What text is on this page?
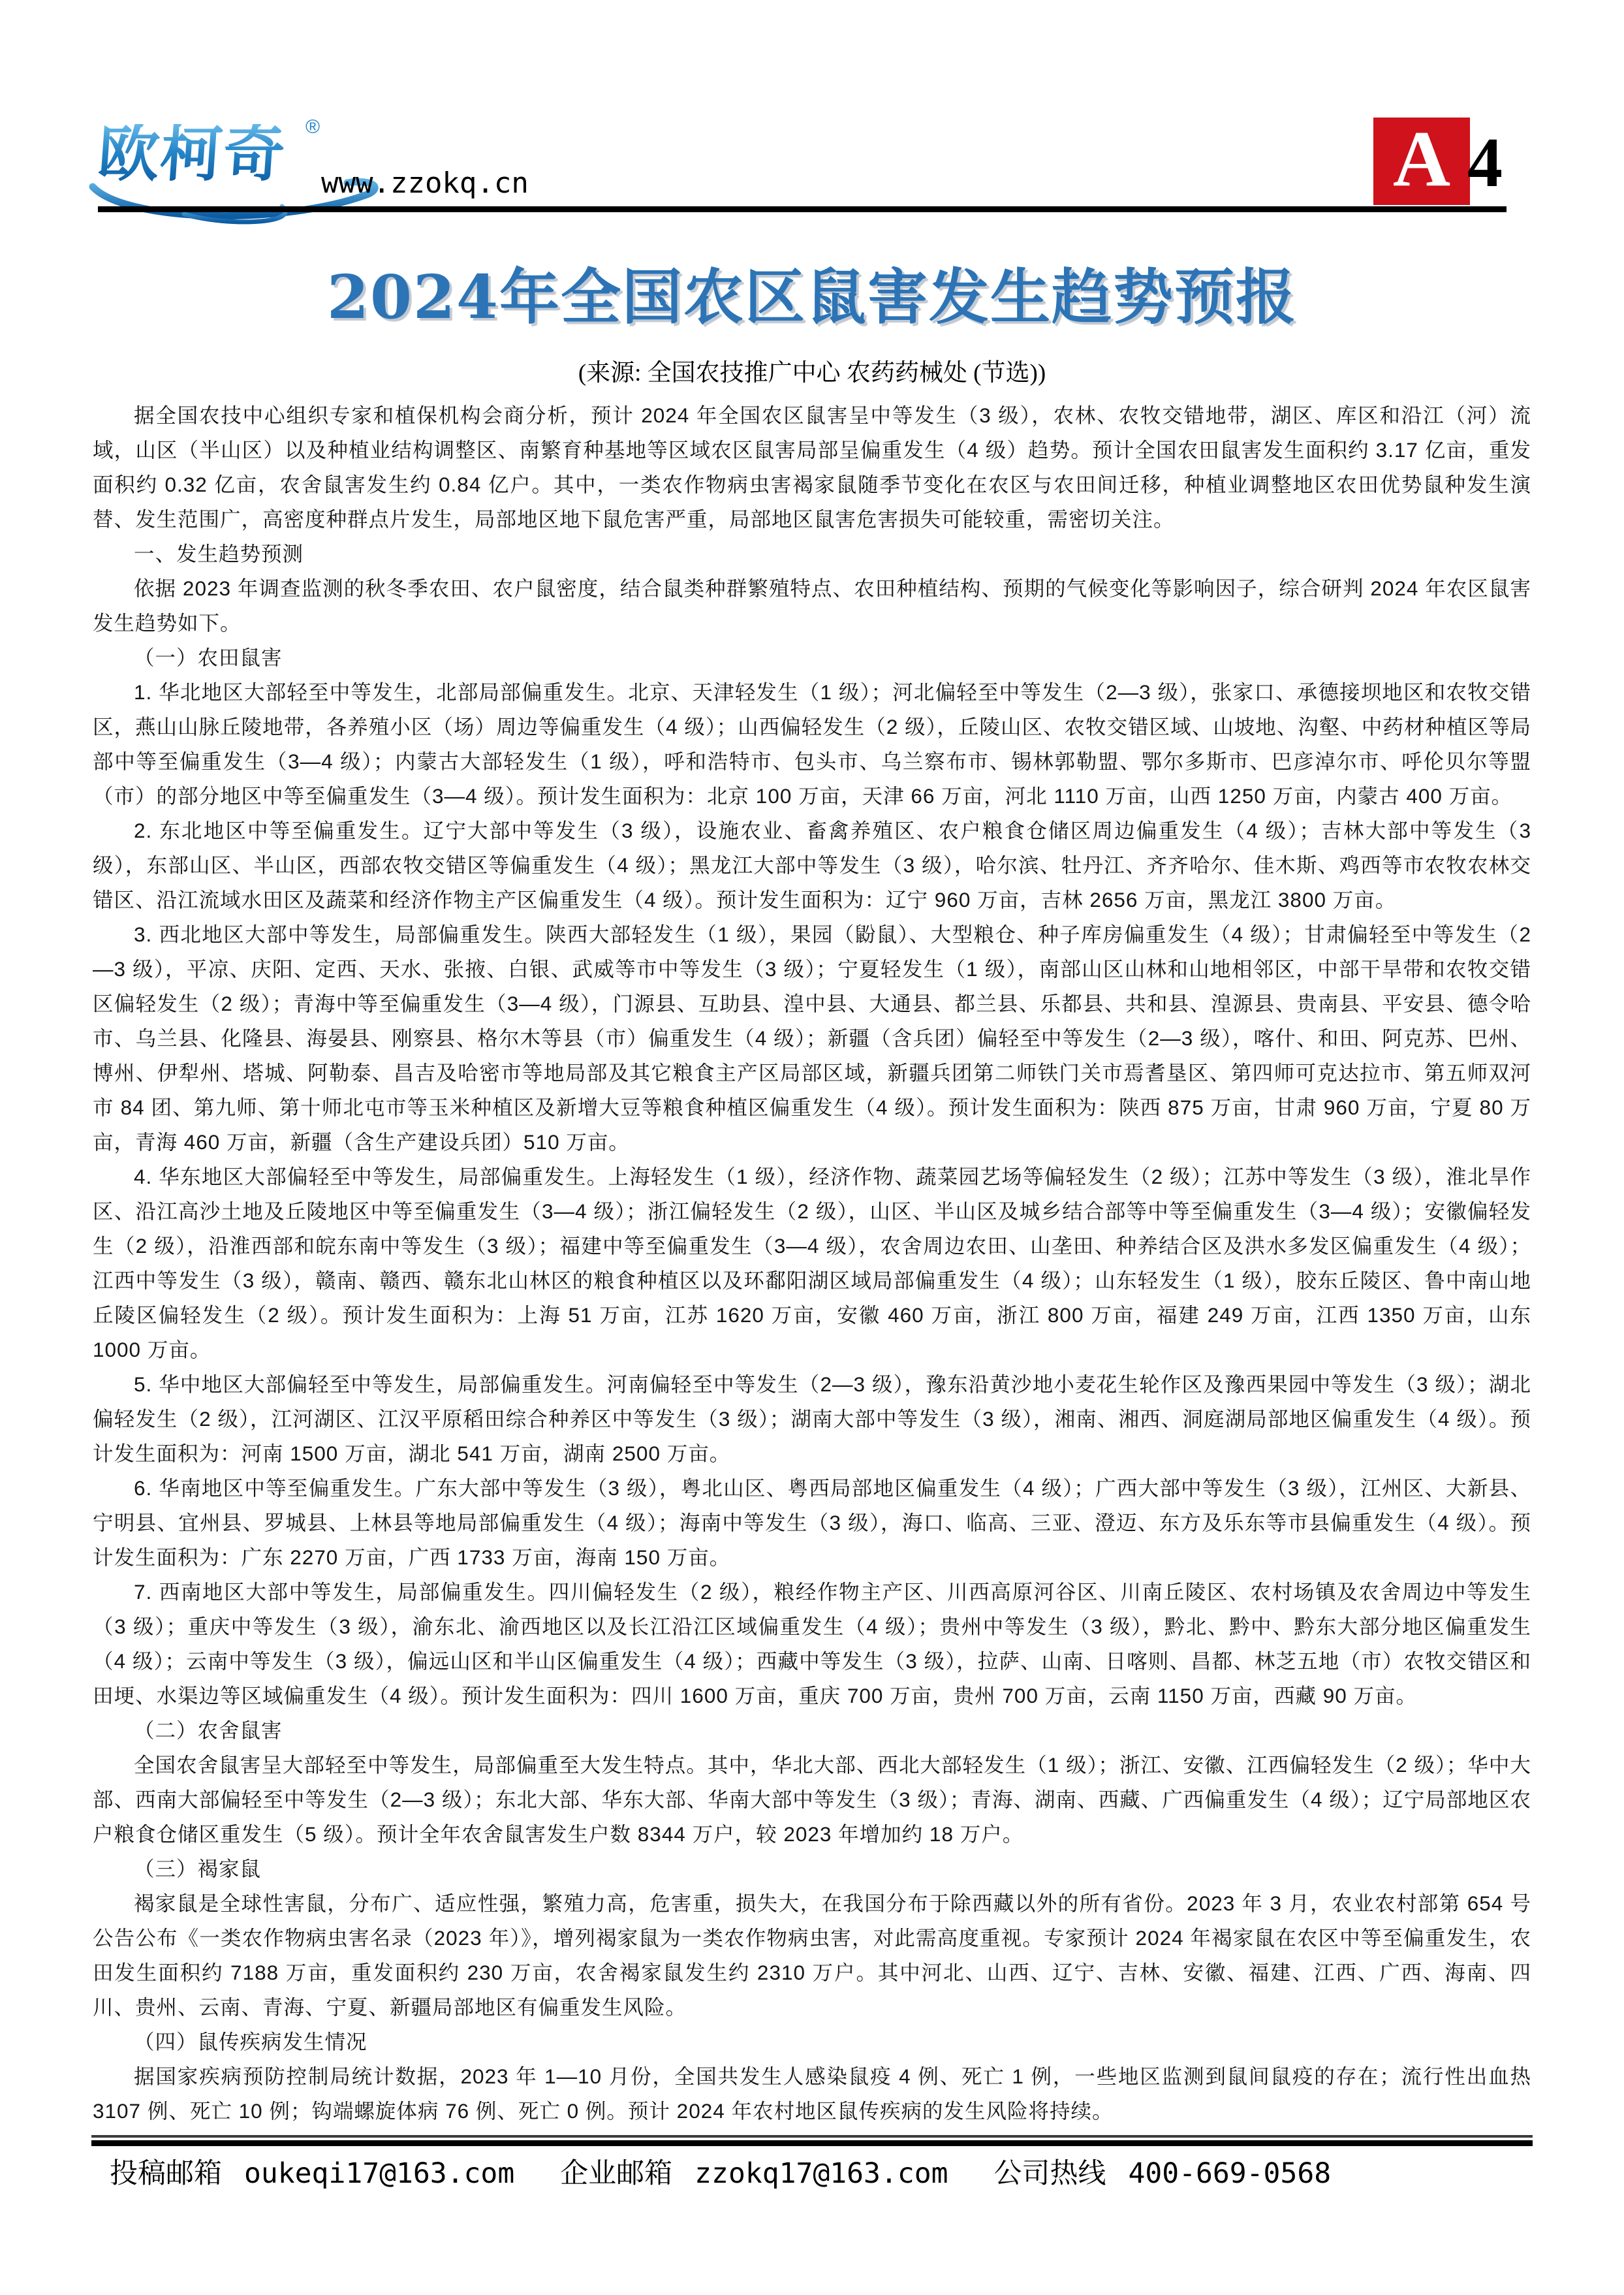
欧柯奇 ®
www.zzokq.cn	A 4
2024年全国农区鼠害发生趋势预报
(来源: 全国农技推广中心 农药药械处 (节选))

据全国农技中心组织专家和植保机构会商分析，预计 2024 年全国农区鼠害呈中等发生（3 级），农林、农牧交错地带，湖区、库区和沿江（河）流域，山区（半山区）以及种植业结构调整区、南繁育种基地等区域农区鼠害局部呈偏重发生（4 级）趋势。预计全国农田鼠害发生面积约 3.17 亿亩，重发面积约 0.32 亿亩，农舍鼠害发生约 0.84 亿户。其中，一类农作物病虫害褐家鼠随季节变化在农区与农田间迁移，种植业调整地区农田优势鼠种发生演替、发生范围广，高密度种群点片发生，局部地区地下鼠危害严重，局部地区鼠害危害损失可能较重，需密切关注。

一、发生趋势预测

依据 2023 年调查监测的秋冬季农田、农户鼠密度，结合鼠类种群繁殖特点、农田种植结构、预期的气候变化等影响因子，综合研判 2024 年农区鼠害发生趋势如下。

（一）农田鼠害

1. 华北地区大部轻至中等发生，北部局部偏重发生。北京、天津轻发生（1 级）；河北偏轻至中等发生（2—3 级），张家口、承德接坝地区和农牧交错区，燕山山脉丘陵地带，各养殖小区（场）周边等偏重发生（4 级）；山西偏轻发生（2 级），丘陵山区、农牧交错区域、山坡地、沟壑、中药材种植区等局部中等至偏重发生（3—4 级）；内蒙古大部轻发生（1 级），呼和浩特市、包头市、乌兰察布市、锡林郭勒盟、鄂尔多斯市、巴彦淖尔市、呼伦贝尔等盟（市）的部分地区中等至偏重发生（3—4 级）。预计发生面积为：北京 100 万亩，天津 66 万亩，河北 1110 万亩，山西 1250 万亩，内蒙古 400 万亩。

2. 东北地区中等至偏重发生。辽宁大部中等发生（3 级），设施农业、畜禽养殖区、农户粮食仓储区周边偏重发生（4 级）；吉林大部中等发生（3 级），东部山区、半山区，西部农牧交错区等偏重发生（4 级）；黑龙江大部中等发生（3 级），哈尔滨、牡丹江、齐齐哈尔、佳木斯、鸡西等市农牧农林交错区、沿江流域水田区及蔬菜和经济作物主产区偏重发生（4 级）。预计发生面积为：辽宁 960 万亩，吉林 2656 万亩，黑龙江 3800 万亩。

3. 西北地区大部中等发生，局部偏重发生。陕西大部轻发生（1 级），果园（鼢鼠）、大型粮仓、种子库房偏重发生（4 级）；甘肃偏轻至中等发生（2—3 级），平凉、庆阳、定西、天水、张掖、白银、武威等市中等发生（3 级）；宁夏轻发生（1 级），南部山区山林和山地相邻区，中部干旱带和农牧交错区偏轻发生（2 级）；青海中等至偏重发生（3—4 级），门源县、互助县、湟中县、大通县、都兰县、乐都县、共和县、湟源县、贵南县、平安县、德令哈市、乌兰县、化隆县、海晏县、刚察县、格尔木等县（市）偏重发生（4 级）；新疆（含兵团）偏轻至中等发生（2—3 级），喀什、和田、阿克苏、巴州、博州、伊犁州、塔城、阿勒泰、昌吉及哈密市等地局部及其它粮食主产区局部区域，新疆兵团第二师铁门关市焉耆垦区、第四师可克达拉市、第五师双河市 84 团、第九师、第十师北屯市等玉米种植区及新增大豆等粮食种植区偏重发生（4 级）。预计发生面积为：陕西 875 万亩，甘肃 960 万亩，宁夏 80 万亩，青海 460 万亩，新疆（含生产建设兵团）510 万亩。

4. 华东地区大部偏轻至中等发生，局部偏重发生。上海轻发生（1 级），经济作物、蔬菜园艺场等偏轻发生（2 级）；江苏中等发生（3 级），淮北旱作区、沿江高沙土地及丘陵地区中等至偏重发生（3—4 级）；浙江偏轻发生（2 级），山区、半山区及城乡结合部等中等至偏重发生（3—4 级）；安徽偏轻发生（2 级），沿淮西部和皖东南中等发生（3 级）；福建中等至偏重发生（3—4 级），农舍周边农田、山垄田、种养结合区及洪水多发区偏重发生（4 级）；江西中等发生（3 级），赣南、赣西、赣东北山林区的粮食种植区以及环鄱阳湖区域局部偏重发生（4 级）；山东轻发生（1 级），胶东丘陵区、鲁中南山地丘陵区偏轻发生（2 级）。预计发生面积为：上海 51 万亩，江苏 1620 万亩，安徽 460 万亩，浙江 800 万亩，福建 249 万亩，江西 1350 万亩，山东 1000 万亩。

5. 华中地区大部偏轻至中等发生，局部偏重发生。河南偏轻至中等发生（2—3 级），豫东沿黄沙地小麦花生轮作区及豫西果园中等发生（3 级）；湖北偏轻发生（2 级），江河湖区、江汉平原稻田综合种养区中等发生（3 级）；湖南大部中等发生（3 级），湘南、湘西、洞庭湖局部地区偏重发生（4 级）。预计发生面积为：河南 1500 万亩，湖北 541 万亩，湖南 2500 万亩。

6. 华南地区中等至偏重发生。广东大部中等发生（3 级），粤北山区、粤西局部地区偏重发生（4 级）；广西大部中等发生（3 级），江州区、大新县、宁明县、宜州县、罗城县、上林县等地局部偏重发生（4 级）；海南中等发生（3 级），海口、临高、三亚、澄迈、东方及乐东等市县偏重发生（4 级）。预计发生面积为：广东 2270 万亩，广西 1733 万亩，海南 150 万亩。

7. 西南地区大部中等发生，局部偏重发生。四川偏轻发生（2 级），粮经作物主产区、川西高原河谷区、川南丘陵区、农村场镇及农舍周边中等发生（3 级）；重庆中等发生（3 级），渝东北、渝西地区以及长江沿江区域偏重发生（4 级）；贵州中等发生（3 级），黔北、黔中、黔东大部分地区偏重发生（4 级）；云南中等发生（3 级），偏远山区和半山区偏重发生（4 级）；西藏中等发生（3 级），拉萨、山南、日喀则、昌都、林芝五地（市）农牧交错区和田埂、水渠边等区域偏重发生（4 级）。预计发生面积为：四川 1600 万亩，重庆 700 万亩，贵州 700 万亩，云南 1150 万亩，西藏 90 万亩。

（二）农舍鼠害

全国农舍鼠害呈大部轻至中等发生，局部偏重至大发生特点。其中，华北大部、西北大部轻发生（1 级）；浙江、安徽、江西偏轻发生（2 级）；华中大部、西南大部偏轻至中等发生（2—3 级）；东北大部、华东大部、华南大部中等发生（3 级）；青海、湖南、西藏、广西偏重发生（4 级）；辽宁局部地区农户粮食仓储区重发生（5 级）。预计全年农舍鼠害发生户数 8344 万户，较 2023 年增加约 18 万户。

（三）褐家鼠

褐家鼠是全球性害鼠，分布广、适应性强，繁殖力高，危害重，损失大，在我国分布于除西藏以外的所有省份。2023 年 3 月，农业农村部第 654 号公告公布《一类农作物病虫害名录（2023 年）》，增列褐家鼠为一类农作物病虫害，对此需高度重视。专家预计 2024 年褐家鼠在农区中等至偏重发生，农田发生面积约 7188 万亩，重发面积约 230 万亩，农舍褐家鼠发生约 2310 万户。其中河北、山西、辽宁、吉林、安徽、福建、江西、广西、海南、四川、贵州、云南、青海、宁夏、新疆局部地区有偏重发生风险。

（四）鼠传疾病发生情况

据国家疾病预防控制局统计数据，2023 年 1—10 月份，全国共发生人感染鼠疫 4 例、死亡 1 例，一些地区监测到鼠间鼠疫的存在；流行性出血热 3107 例、死亡 10 例；钩端螺旋体病 76 例、死亡 0 例。预计 2024 年农村地区鼠传疾病的发生风险将持续。

投稿邮箱 oukeqi17@163.com 企业邮箱 zzokq17@163.com 公司热线 400-669-0568
